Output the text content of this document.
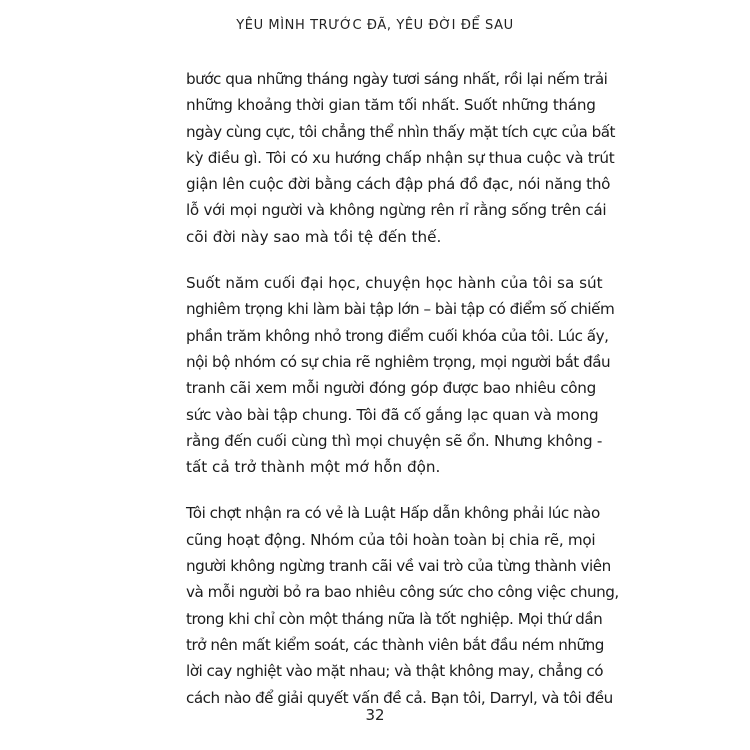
YÊU MÌNH TRƯỚC ĐÃ, YÊU ĐỜI ĐỂ SAU
bước qua những tháng ngày tươi sáng nhất, rồi lại nếm trải
những khoảng thời gian tăm tối nhất. Suốt những tháng
ngày cùng cực, tôi chẳng thể nhìn thấy mặt tích cực của bất
kỳ điều gì. Tôi có xu hướng chấp nhận sự thua cuộc và trút
giận lên cuộc đời bằng cách đập phá đồ đạc, nói năng thô
lỗ với mọi người và không ngừng rên rỉ rằng sống trên cái
cõi đời này sao mà tồi tệ đến thế.
Suốt năm cuối đại học, chuyện học hành của tôi sa sút
nghiêm trọng khi làm bài tập lớn – bài tập có điểm số chiếm
phần trăm không nhỏ trong điểm cuối khóa của tôi. Lúc ấy,
nội bộ nhóm có sự chia rẽ nghiêm trọng, mọi người bắt đầu
tranh cãi xem mỗi người đóng góp được bao nhiêu công
sức vào bài tập chung. Tôi đã cố gắng lạc quan và mong
rằng đến cuối cùng thì mọi chuyện sẽ ổn. Nhưng không -
tất cả trở thành một mớ hỗn độn.
Tôi chợt nhận ra có vẻ là Luật Hấp dẫn không phải lúc nào
cũng hoạt động. Nhóm của tôi hoàn toàn bị chia rẽ, mọi
người không ngừng tranh cãi về vai trò của từng thành viên
và mỗi người bỏ ra bao nhiêu công sức cho công việc chung,
trong khi chỉ còn một tháng nữa là tốt nghiệp. Mọi thứ dần
trở nên mất kiểm soát, các thành viên bắt đầu ném những
lời cay nghiệt vào mặt nhau; và thật không may, chẳng có
cách nào để giải quyết vấn đề cả. Bạn tôi, Darryl, và tôi đều
32
